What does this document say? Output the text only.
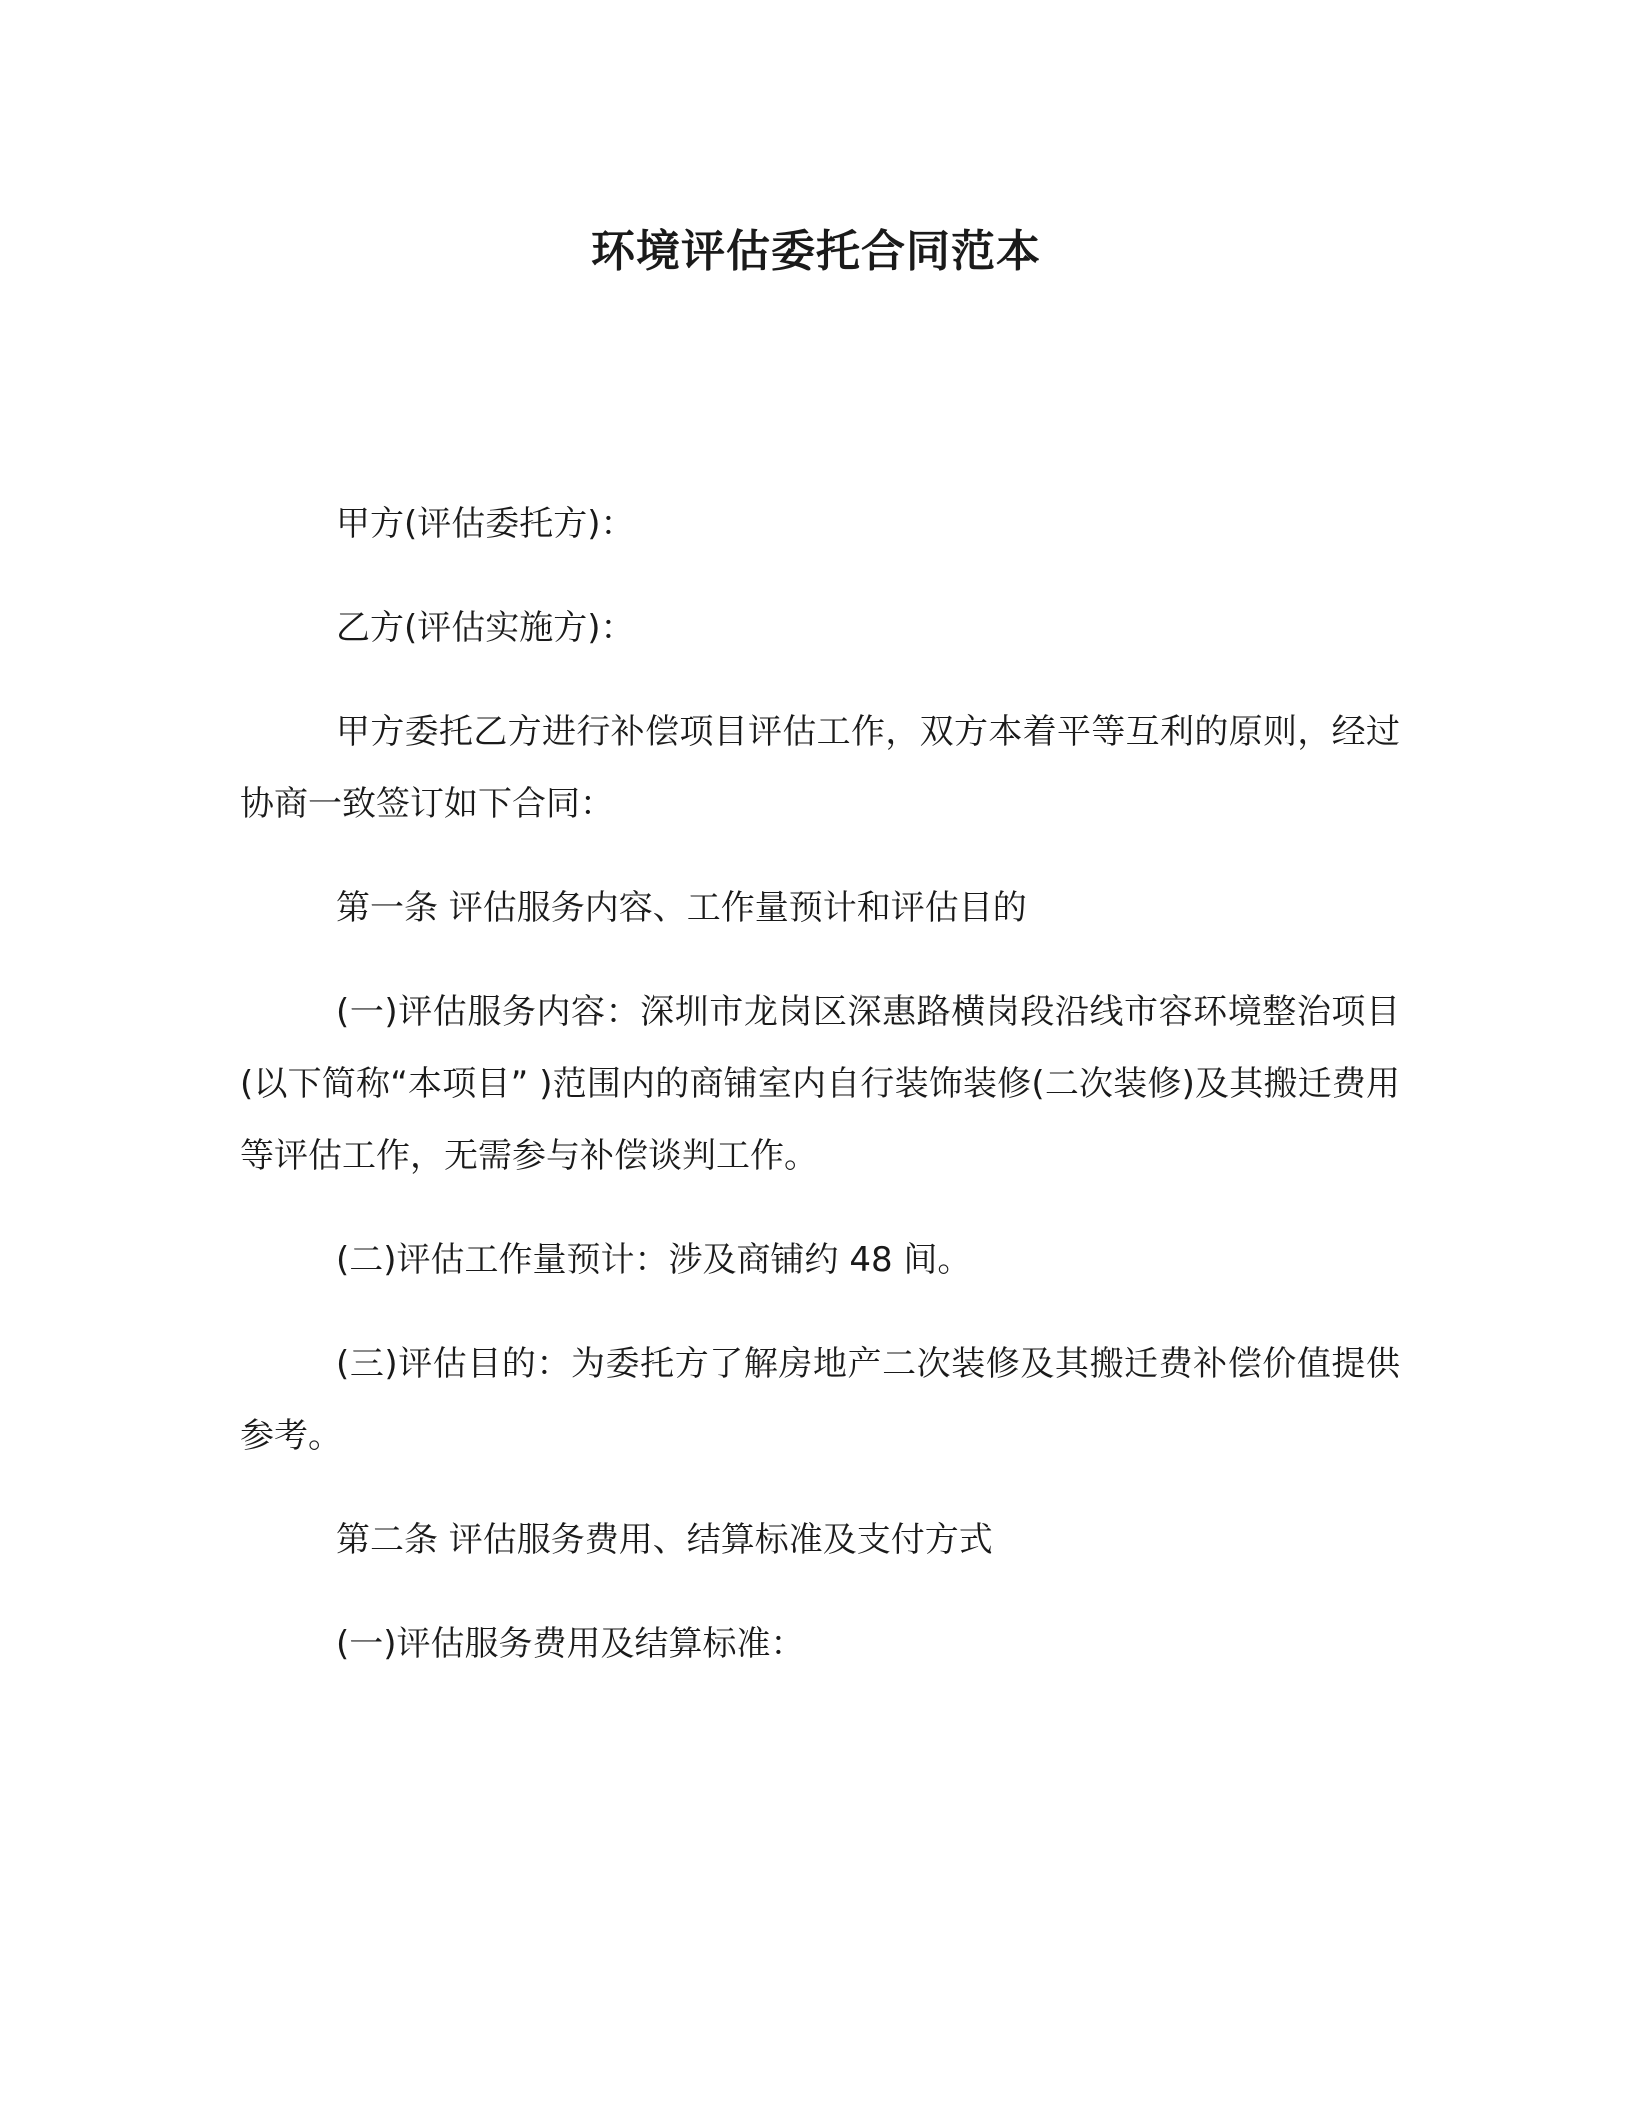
环境评估委托合同范本

甲方(评估委托方)：

乙方(评估实施方)：

甲方委托乙方进行补偿项目评估工作，双方本着平等互利的原则，经过协商一致签订如下合同：

第一条 评估服务内容、工作量预计和评估目的

(一)评估服务内容：深圳市龙岗区深惠路横岗段沿线市容环境整治项目(以下简称“本项目” )范围内的商铺室内自行装饰装修(二次装修)及其搬迁费用等评估工作，无需参与补偿谈判工作。

(二)评估工作量预计：涉及商铺约 48 间。

(三)评估目的：为委托方了解房地产二次装修及其搬迁费补偿价值提供参考。

第二条 评估服务费用、结算标准及支付方式

(一)评估服务费用及结算标准：
